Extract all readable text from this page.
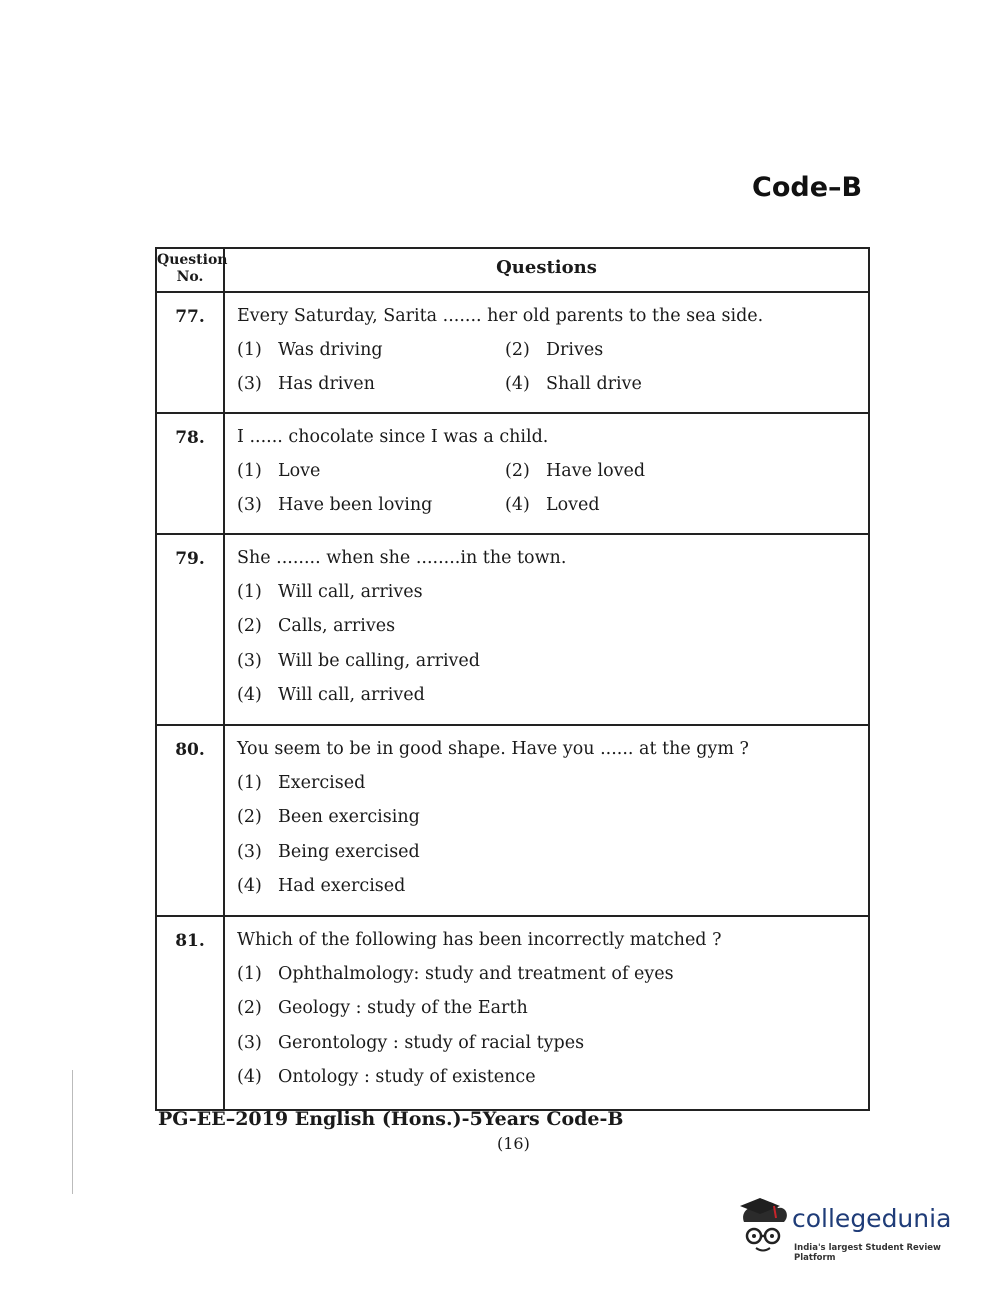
Code–B
Question No.	Questions
77.	Every Saturday, Sarita ....... her old parents to the sea side.
(1) Was driving	(2) Drives
(3) Has driven	(4) Shall drive
78.	I ...... chocolate since I was a child.
(1) Love	(2) Have loved
(3) Have been loving	(4) Loved
79.	She ........ when she ........in the town.
(1) Will call, arrives
(2) Calls, arrives
(3) Will be calling, arrived
(4) Will call, arrived
80.	You seem to be in good shape. Have you ...... at the gym ?
(1) Exercised
(2) Been exercising
(3) Being exercised
(4) Had exercised
81.	Which of the following has been incorrectly matched ?
(1) Ophthalmology: study and treatment of eyes
(2) Geology : study of the Earth
(3) Gerontology : study of racial types
(4) Ontology : study of existence
PG-EE–2019 English (Hons.)-5Years Code-B
(16)
collegedunia
India's largest Student Review Platform
